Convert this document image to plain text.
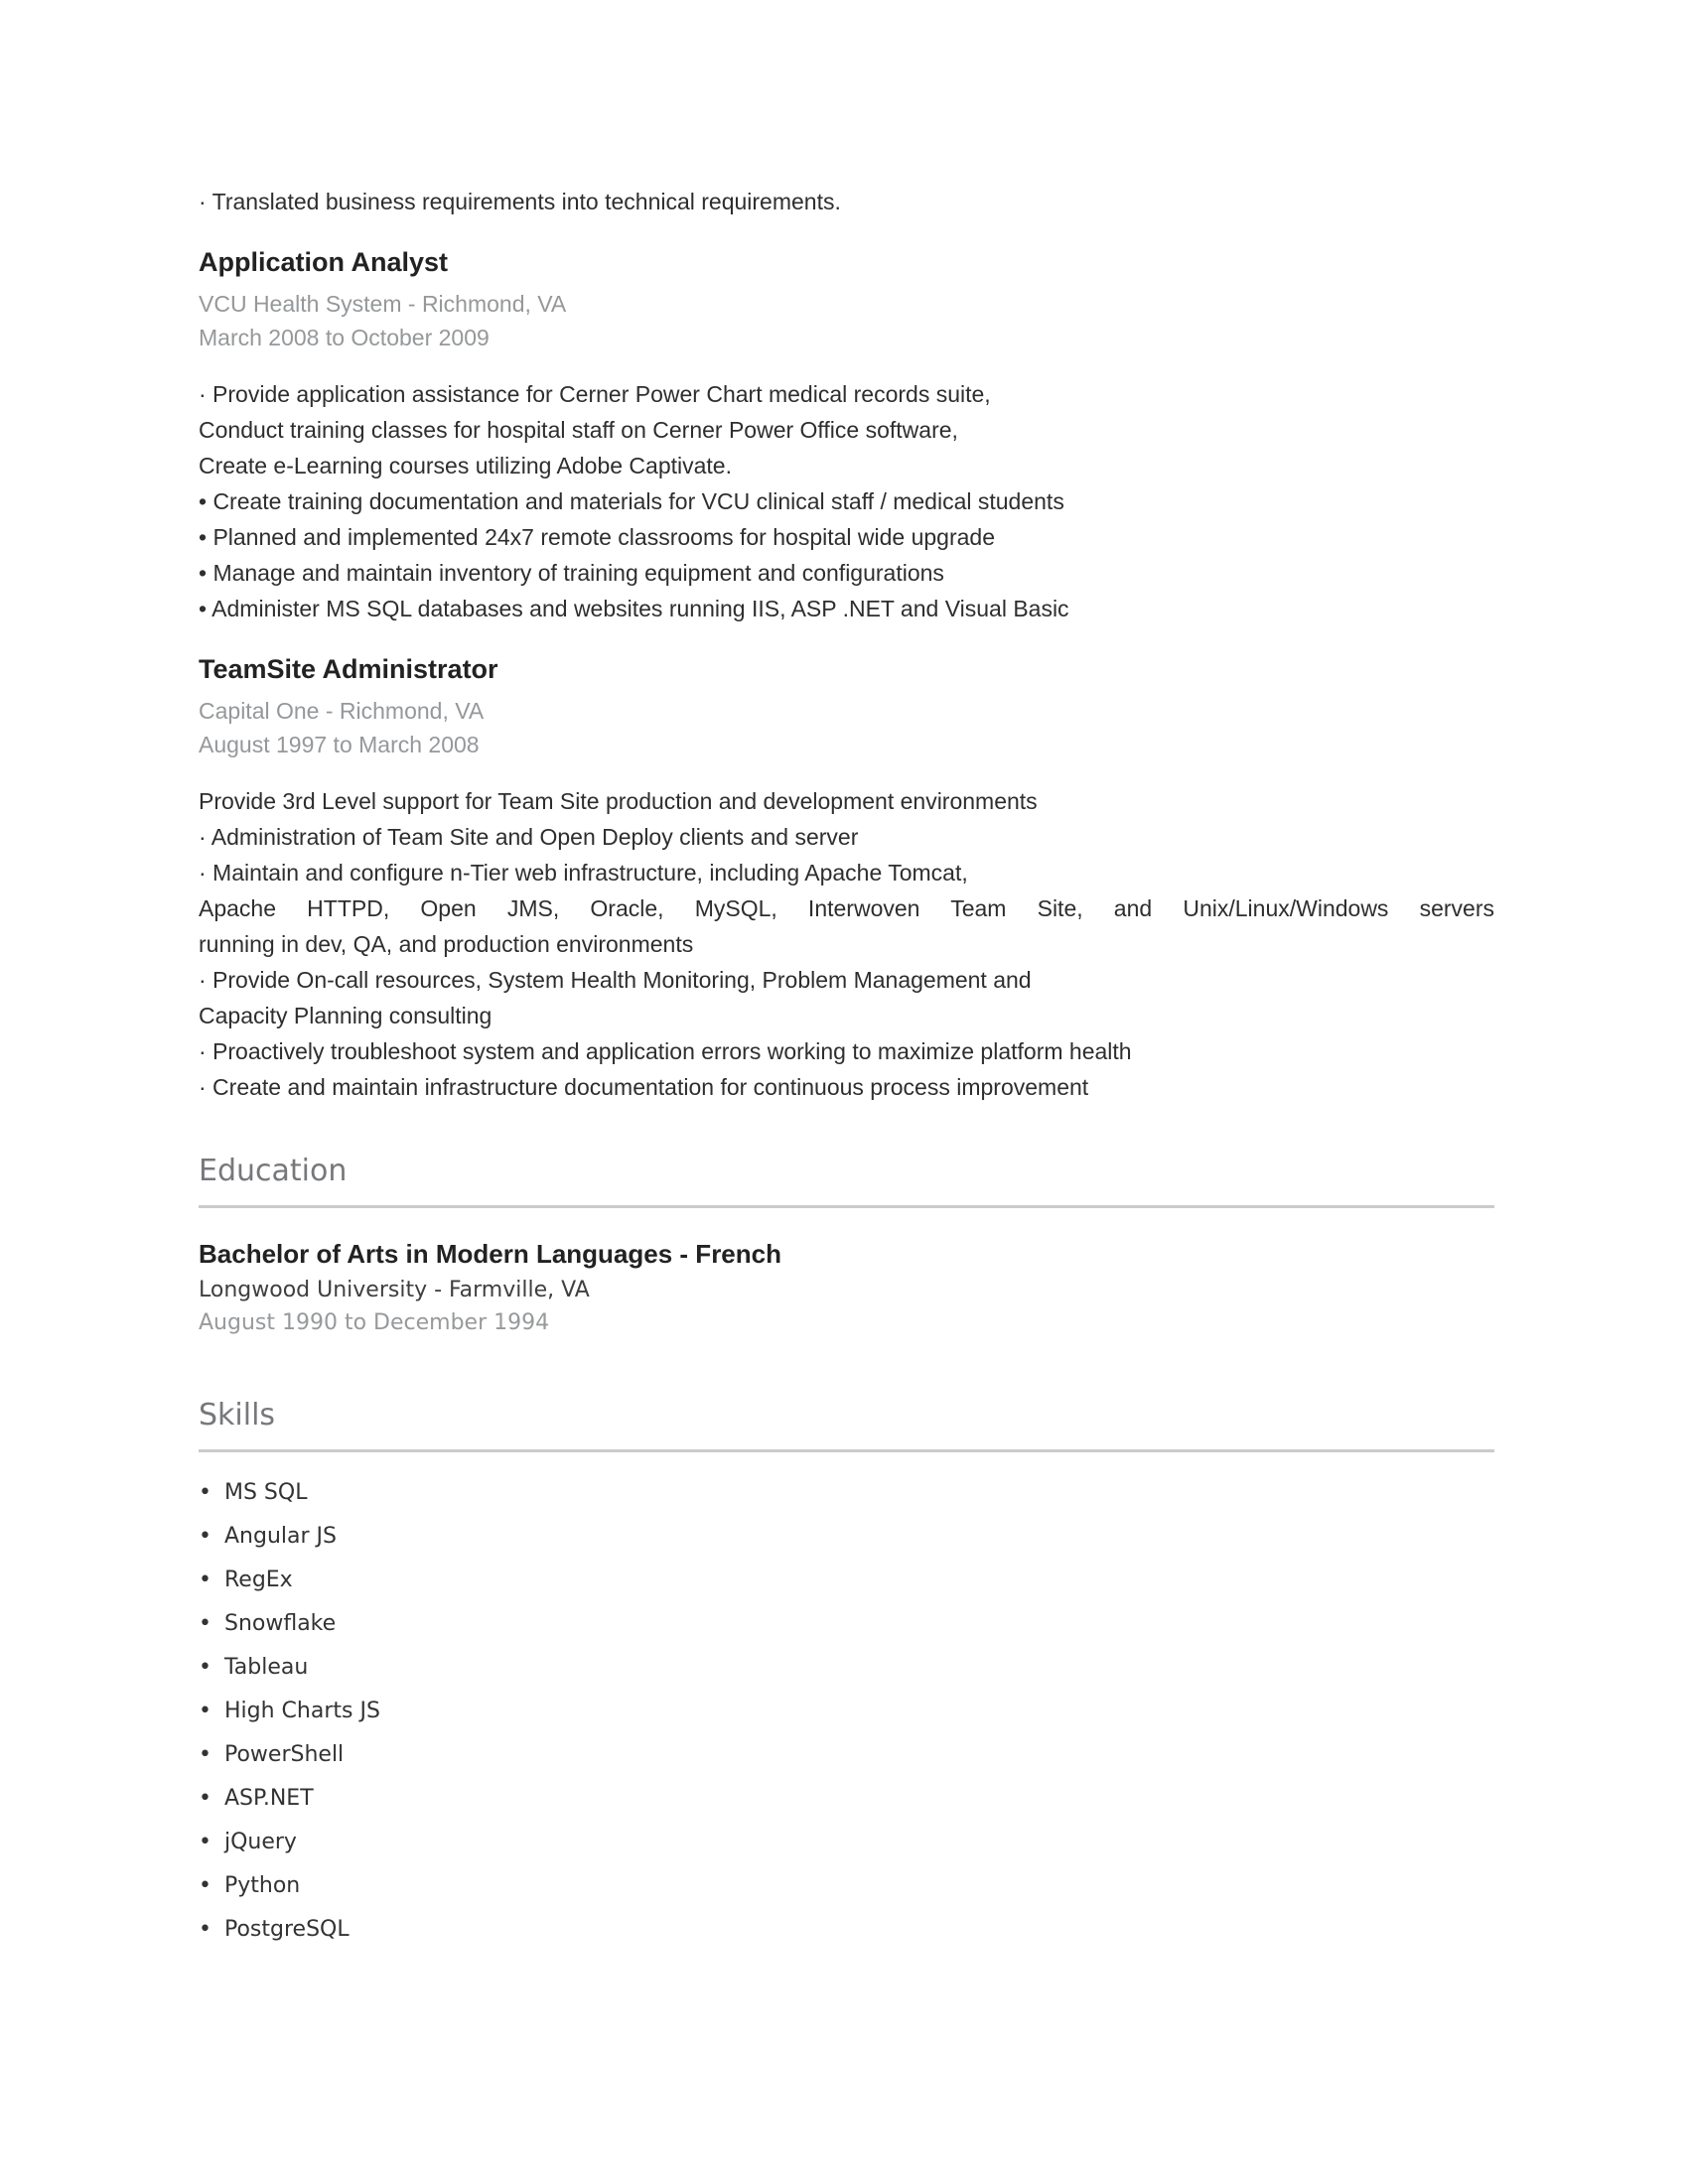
· Translated business requirements into technical requirements.
Application Analyst
VCU Health System - Richmond, VA
March 2008 to October 2009
· Provide application assistance for Cerner Power Chart medical records suite,
Conduct training classes for hospital staff on Cerner Power Office software,
Create e-Learning courses utilizing Adobe Captivate.
• Create training documentation and materials for VCU clinical staff / medical students
• Planned and implemented 24x7 remote classrooms for hospital wide upgrade
• Manage and maintain inventory of training equipment and configurations
• Administer MS SQL databases and websites running IIS, ASP .NET and Visual Basic
TeamSite Administrator
Capital One - Richmond, VA
August 1997 to March 2008
Provide 3rd Level support for Team Site production and development environments
· Administration of Team Site and Open Deploy clients and server
· Maintain and configure n-Tier web infrastructure, including Apache Tomcat,
Apache HTTPD, Open JMS, Oracle, MySQL, Interwoven Team Site, and Unix/Linux/Windows servers
running in dev, QA, and production environments
· Provide On-call resources, System Health Monitoring, Problem Management and
Capacity Planning consulting
· Proactively troubleshoot system and application errors working to maximize platform health
· Create and maintain infrastructure documentation for continuous process improvement
Education
Bachelor of Arts in Modern Languages - French
Longwood University - Farmville, VA
August 1990 to December 1994
Skills
• MS SQL
• Angular JS
• RegEx
• Snowflake
• Tableau
• High Charts JS
• PowerShell
• ASP.NET
• jQuery
• Python
• PostgreSQL
